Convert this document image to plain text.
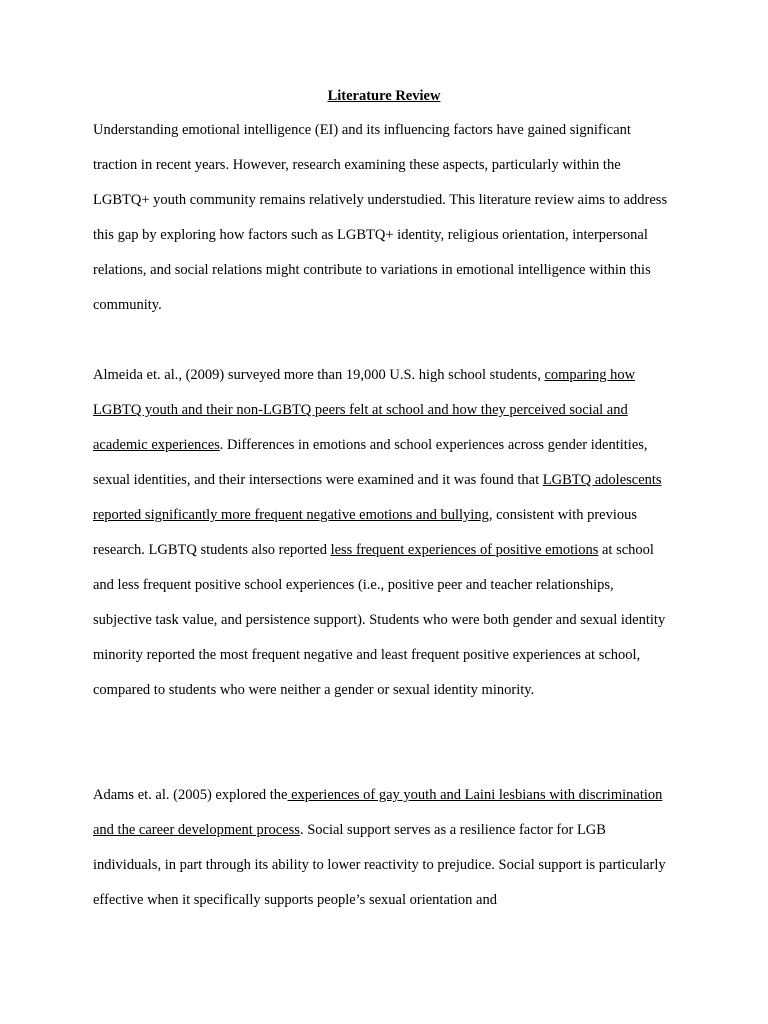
Literature Review

Understanding emotional intelligence (EI) and its influencing factors have gained significant traction in recent years. However, research examining these aspects, particularly within the LGBTQ+ youth community remains relatively understudied. This literature review aims to address this gap by exploring how factors such as LGBTQ+ identity, religious orientation, interpersonal relations, and social relations might contribute to variations in emotional intelligence within this community.

Almeida et. al., (2009) surveyed more than 19,000 U.S. high school students, comparing how LGBTQ youth and their non-LGBTQ peers felt at school and how they perceived social and academic experiences. Differences in emotions and school experiences across gender identities, sexual identities, and their intersections were examined and it was found that LGBTQ adolescents reported significantly more frequent negative emotions and bullying, consistent with previous research. LGBTQ students also reported less frequent experiences of positive emotions at school and less frequent positive school experiences (i.e., positive peer and teacher relationships, subjective task value, and persistence support). Students who were both gender and sexual identity minority reported the most frequent negative and least frequent positive experiences at school, compared to students who were neither a gender or sexual identity minority.

Adams et. al. (2005) explored the experiences of gay youth and Laini lesbians with discrimination and the career development process. Social support serves as a resilience factor for LGB individuals, in part through its ability to lower reactivity to prejudice. Social support is particularly effective when it specifically supports people’s sexual orientation and
